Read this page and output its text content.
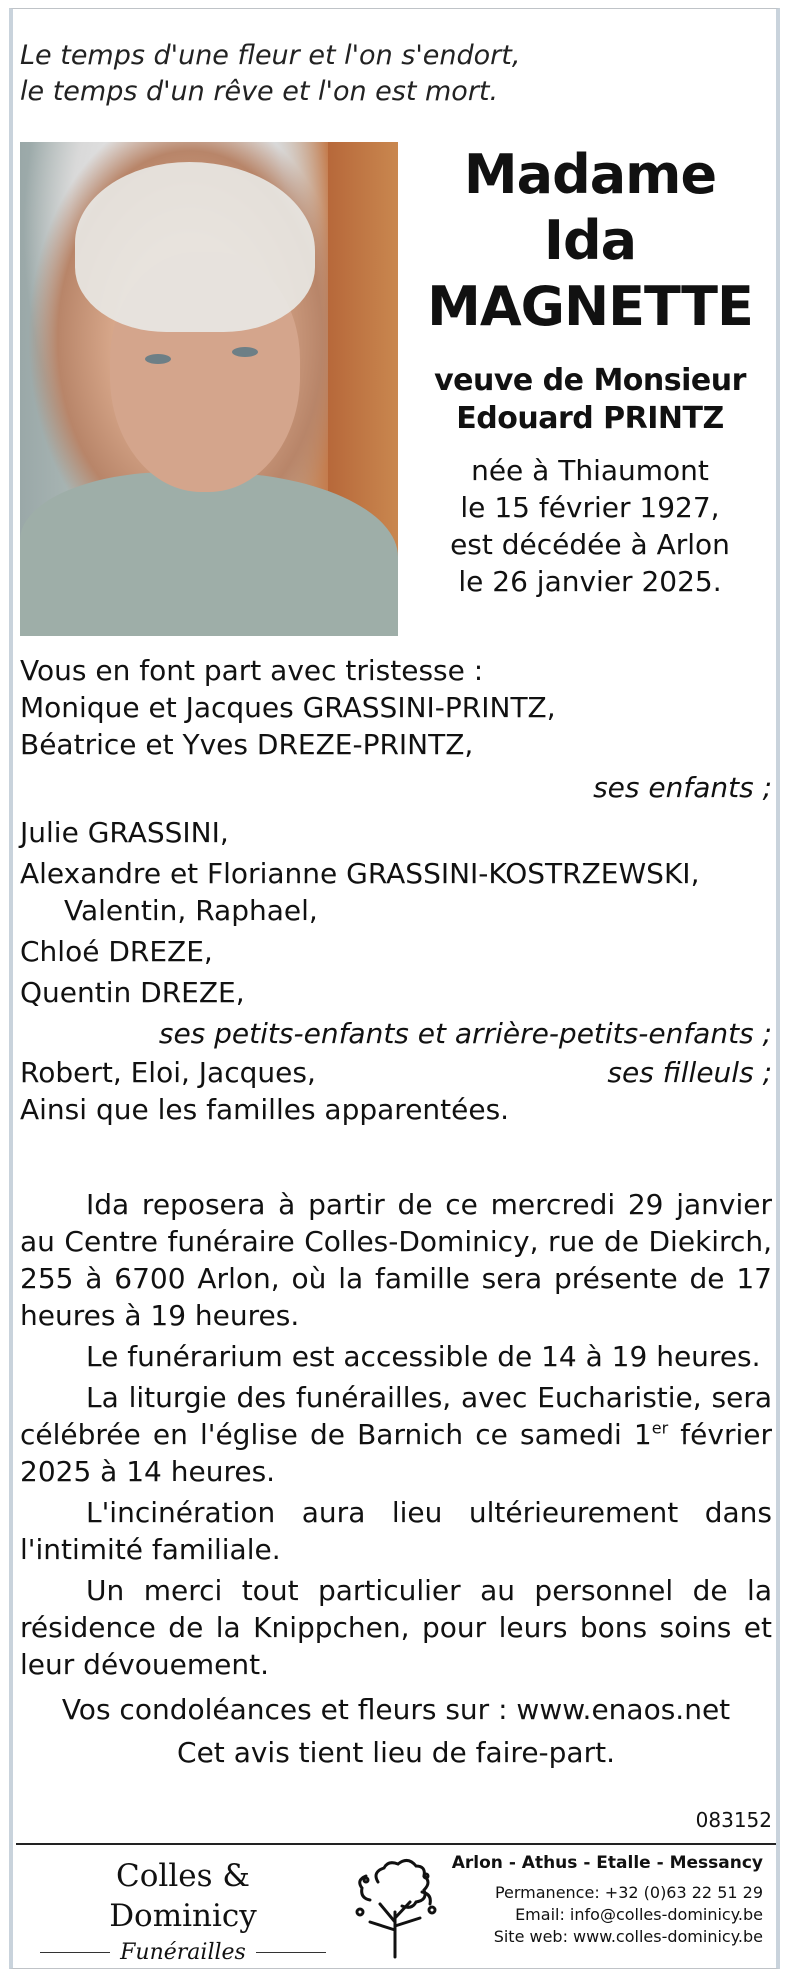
Le temps d'une fleur et l'on s'endort,
le temps d'un rêve et l'on est mort.
Madame
Ida
MAGNETTE
veuve de Monsieur
Edouard PRINTZ
née à Thiaumont
le 15 février 1927,
est décédée à Arlon
le 26 janvier 2025.
Vous en font part avec tristesse :
Monique et Jacques GRASSINI-PRINTZ,
Béatrice et Yves DREZE-PRINTZ,
ses enfants ;
Julie GRASSINI,
Alexandre et Florianne GRASSINI-KOSTRZEWSKI,
Valentin, Raphael,
Chloé DREZE,
Quentin DREZE,
ses petits-enfants et arrière-petits-enfants ;
Robert, Eloi, Jacques,	ses filleuls ;
Ainsi que les familles apparentées.
Ida reposera à partir de ce mercredi 29 janvier au Centre funéraire Colles-Dominicy, rue de Diekirch, 255 à 6700 Arlon, où la famille sera présente de 17 heures à 19 heures.
Le funérarium est accessible de 14 à 19 heures.
La liturgie des funérailles, avec Eucharistie, sera célébrée en l'église de Barnich ce samedi 1er février 2025 à 14 heures.
L'incinération aura lieu ultérieurement dans l'intimité familiale.
Un merci tout particulier au personnel de la résidence de la Knippchen, pour leurs bons soins et leur dévouement.
Vos condoléances et fleurs sur : www.enaos.net
Cet avis tient lieu de faire-part.
083152
Colles & Dominicy
Funérailles
Arlon - Athus - Etalle - Messancy
Permanence: +32 (0)63 22 51 29
Email: info@colles-dominicy.be
Site web: www.colles-dominicy.be
